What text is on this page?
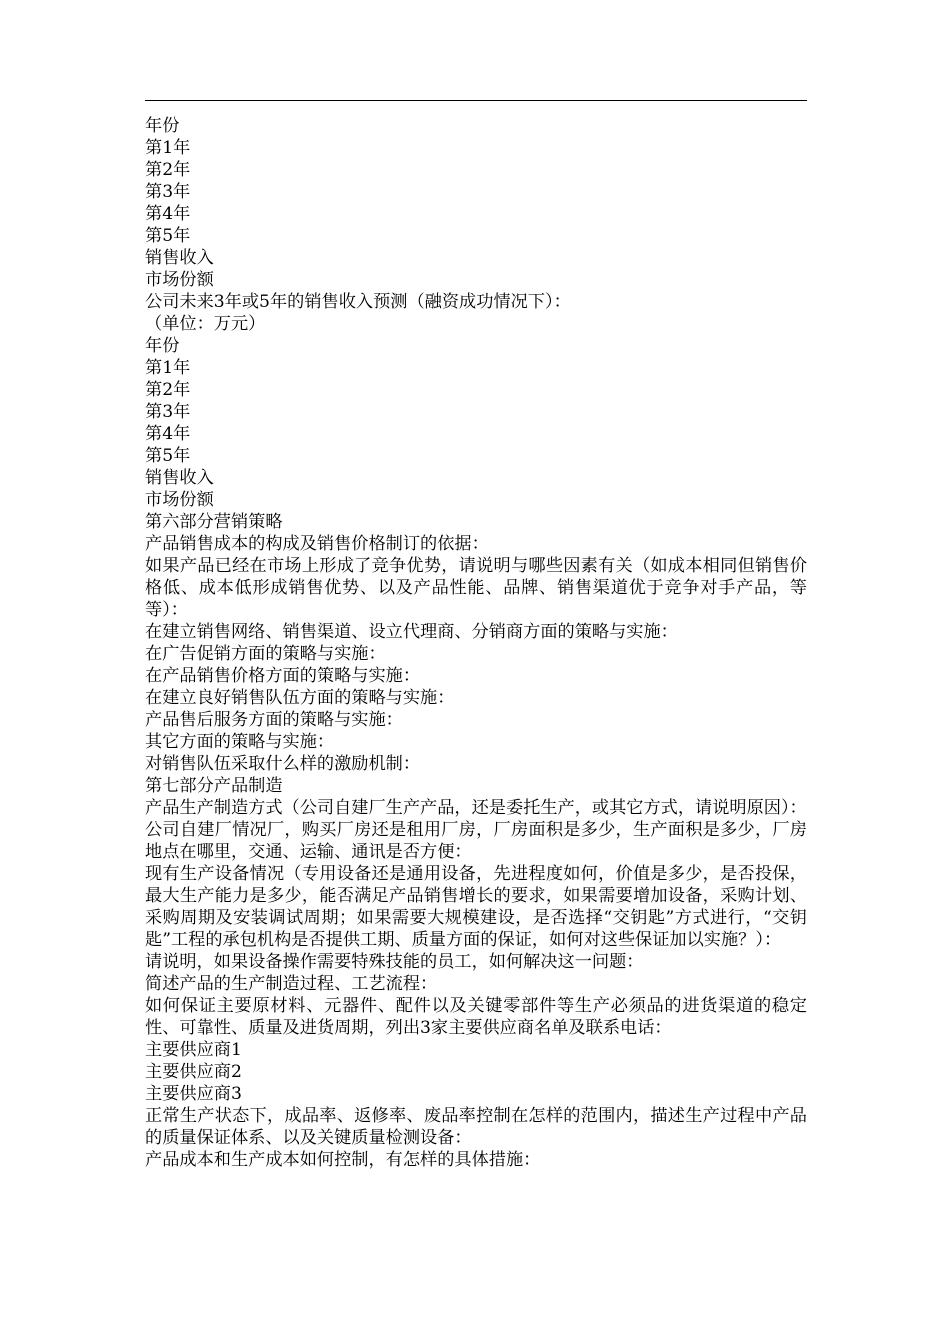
年份

第1年

第2年

第3年

第4年

第5年

销售收入

市场份额

公司未来3年或5年的销售收入预测（融资成功情况下）：

（单位：万元）

年份

第1年

第2年

第3年

第4年

第5年

销售收入

市场份额

第六部分营销策略

产品销售成本的构成及销售价格制订的依据：

如果产品已经在市场上形成了竞争优势，请说明与哪些因素有关（如成本相同但销售价格低、成本低形成销售优势、以及产品性能、品牌、销售渠道优于竞争对手产品，等等）：

在建立销售网络、销售渠道、设立代理商、分销商方面的策略与实施：

在广告促销方面的策略与实施：

在产品销售价格方面的策略与实施：

在建立良好销售队伍方面的策略与实施：

产品售后服务方面的策略与实施：

其它方面的策略与实施：

对销售队伍采取什么样的激励机制：

第七部分产品制造

产品生产制造方式（公司自建厂生产产品，还是委托生产，或其它方式，请说明原因）：

公司自建厂情况厂，购买厂房还是租用厂房，厂房面积是多少，生产面积是多少，厂房地点在哪里，交通、运输、通讯是否方便：

现有生产设备情况（专用设备还是通用设备，先进程度如何，价值是多少，是否投保，最大生产能力是多少，能否满足产品销售增长的要求，如果需要增加设备，采购计划、采购周期及安装调试周期；如果需要大规模建设，是否选择“交钥匙”方式进行，“交钥匙”工程的承包机构是否提供工期、质量方面的保证，如何对这些保证加以实施？）：

请说明，如果设备操作需要特殊技能的员工，如何解决这一问题：

简述产品的生产制造过程、工艺流程：

如何保证主要原材料、元器件、配件以及关键零部件等生产必须品的进货渠道的稳定性、可靠性、质量及进货周期，列出3家主要供应商名单及联系电话：

主要供应商1

主要供应商2

主要供应商3

正常生产状态下，成品率、返修率、废品率控制在怎样的范围内，描述生产过程中产品的质量保证体系、以及关键质量检测设备：

产品成本和生产成本如何控制，有怎样的具体措施：
